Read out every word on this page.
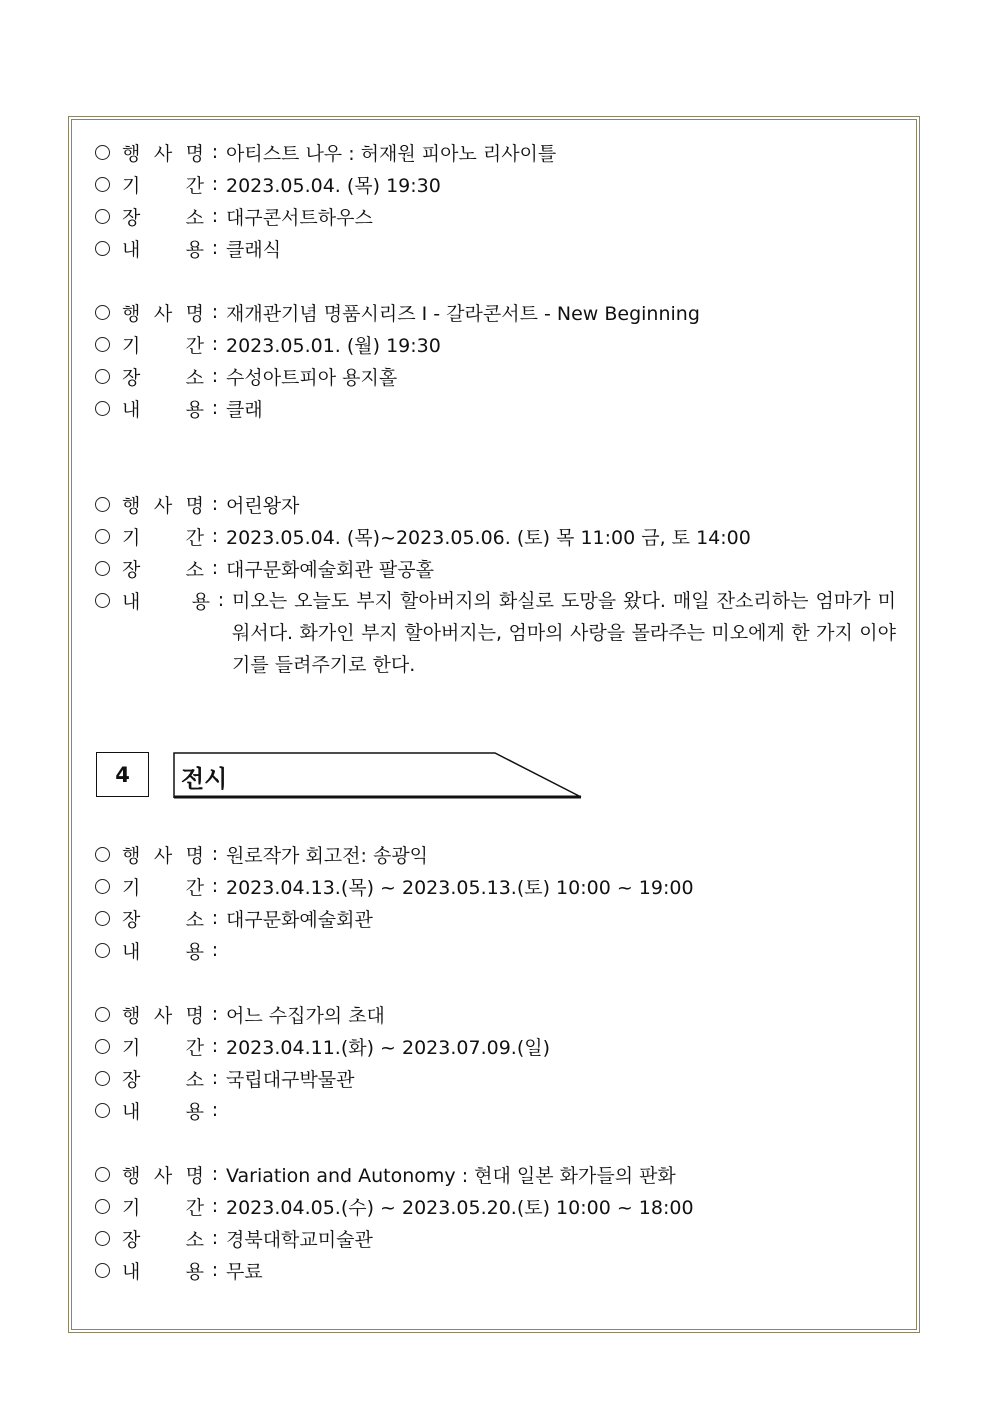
행 사 명 : 아티스트 나우 : 허재원 피아노 리사이틀
기 간 : 2023.05.04. (목) 19:30
장 소 : 대구콘서트하우스
내 용 : 클래식
행 사 명 : 재개관기념 명품시리즈 Ⅰ - 갈라콘서트 - New Beginning
기 간 : 2023.05.01. (월) 19:30
장 소 : 수성아트피아 용지홀
내 용 : 클래
행 사 명 : 어린왕자
기 간 : 2023.05.04. (목)~2023.05.06. (토) 목 11:00 금, 토 14:00
장 소 : 대구문화예술회관 팔공홀
내	용 : 미오는 오늘도 부지 할아버지의 화실로 도망을 왔다. 매일 잔소리하는 엄마가 미워서다. 화가인 부지 할아버지는, 엄마의 사랑을 몰라주는 미오에게 한 가지 이야기를 들려주기로 한다.
4	전시
행 사 명 : 원로작가 회고전: 송광익
기 간 : 2023.04.13.(목) ~ 2023.05.13.(토) 10:00 ~ 19:00
장 소 : 대구문화예술회관
내 용 :
행 사 명 : 어느 수집가의 초대
기 간 : 2023.04.11.(화) ~ 2023.07.09.(일)
장 소 : 국립대구박물관
내 용 :
행 사 명 : Variation and Autonomy : 현대 일본 화가들의 판화
기 간 : 2023.04.05.(수) ~ 2023.05.20.(토) 10:00 ~ 18:00
장 소 : 경북대학교미술관
내 용 : 무료
